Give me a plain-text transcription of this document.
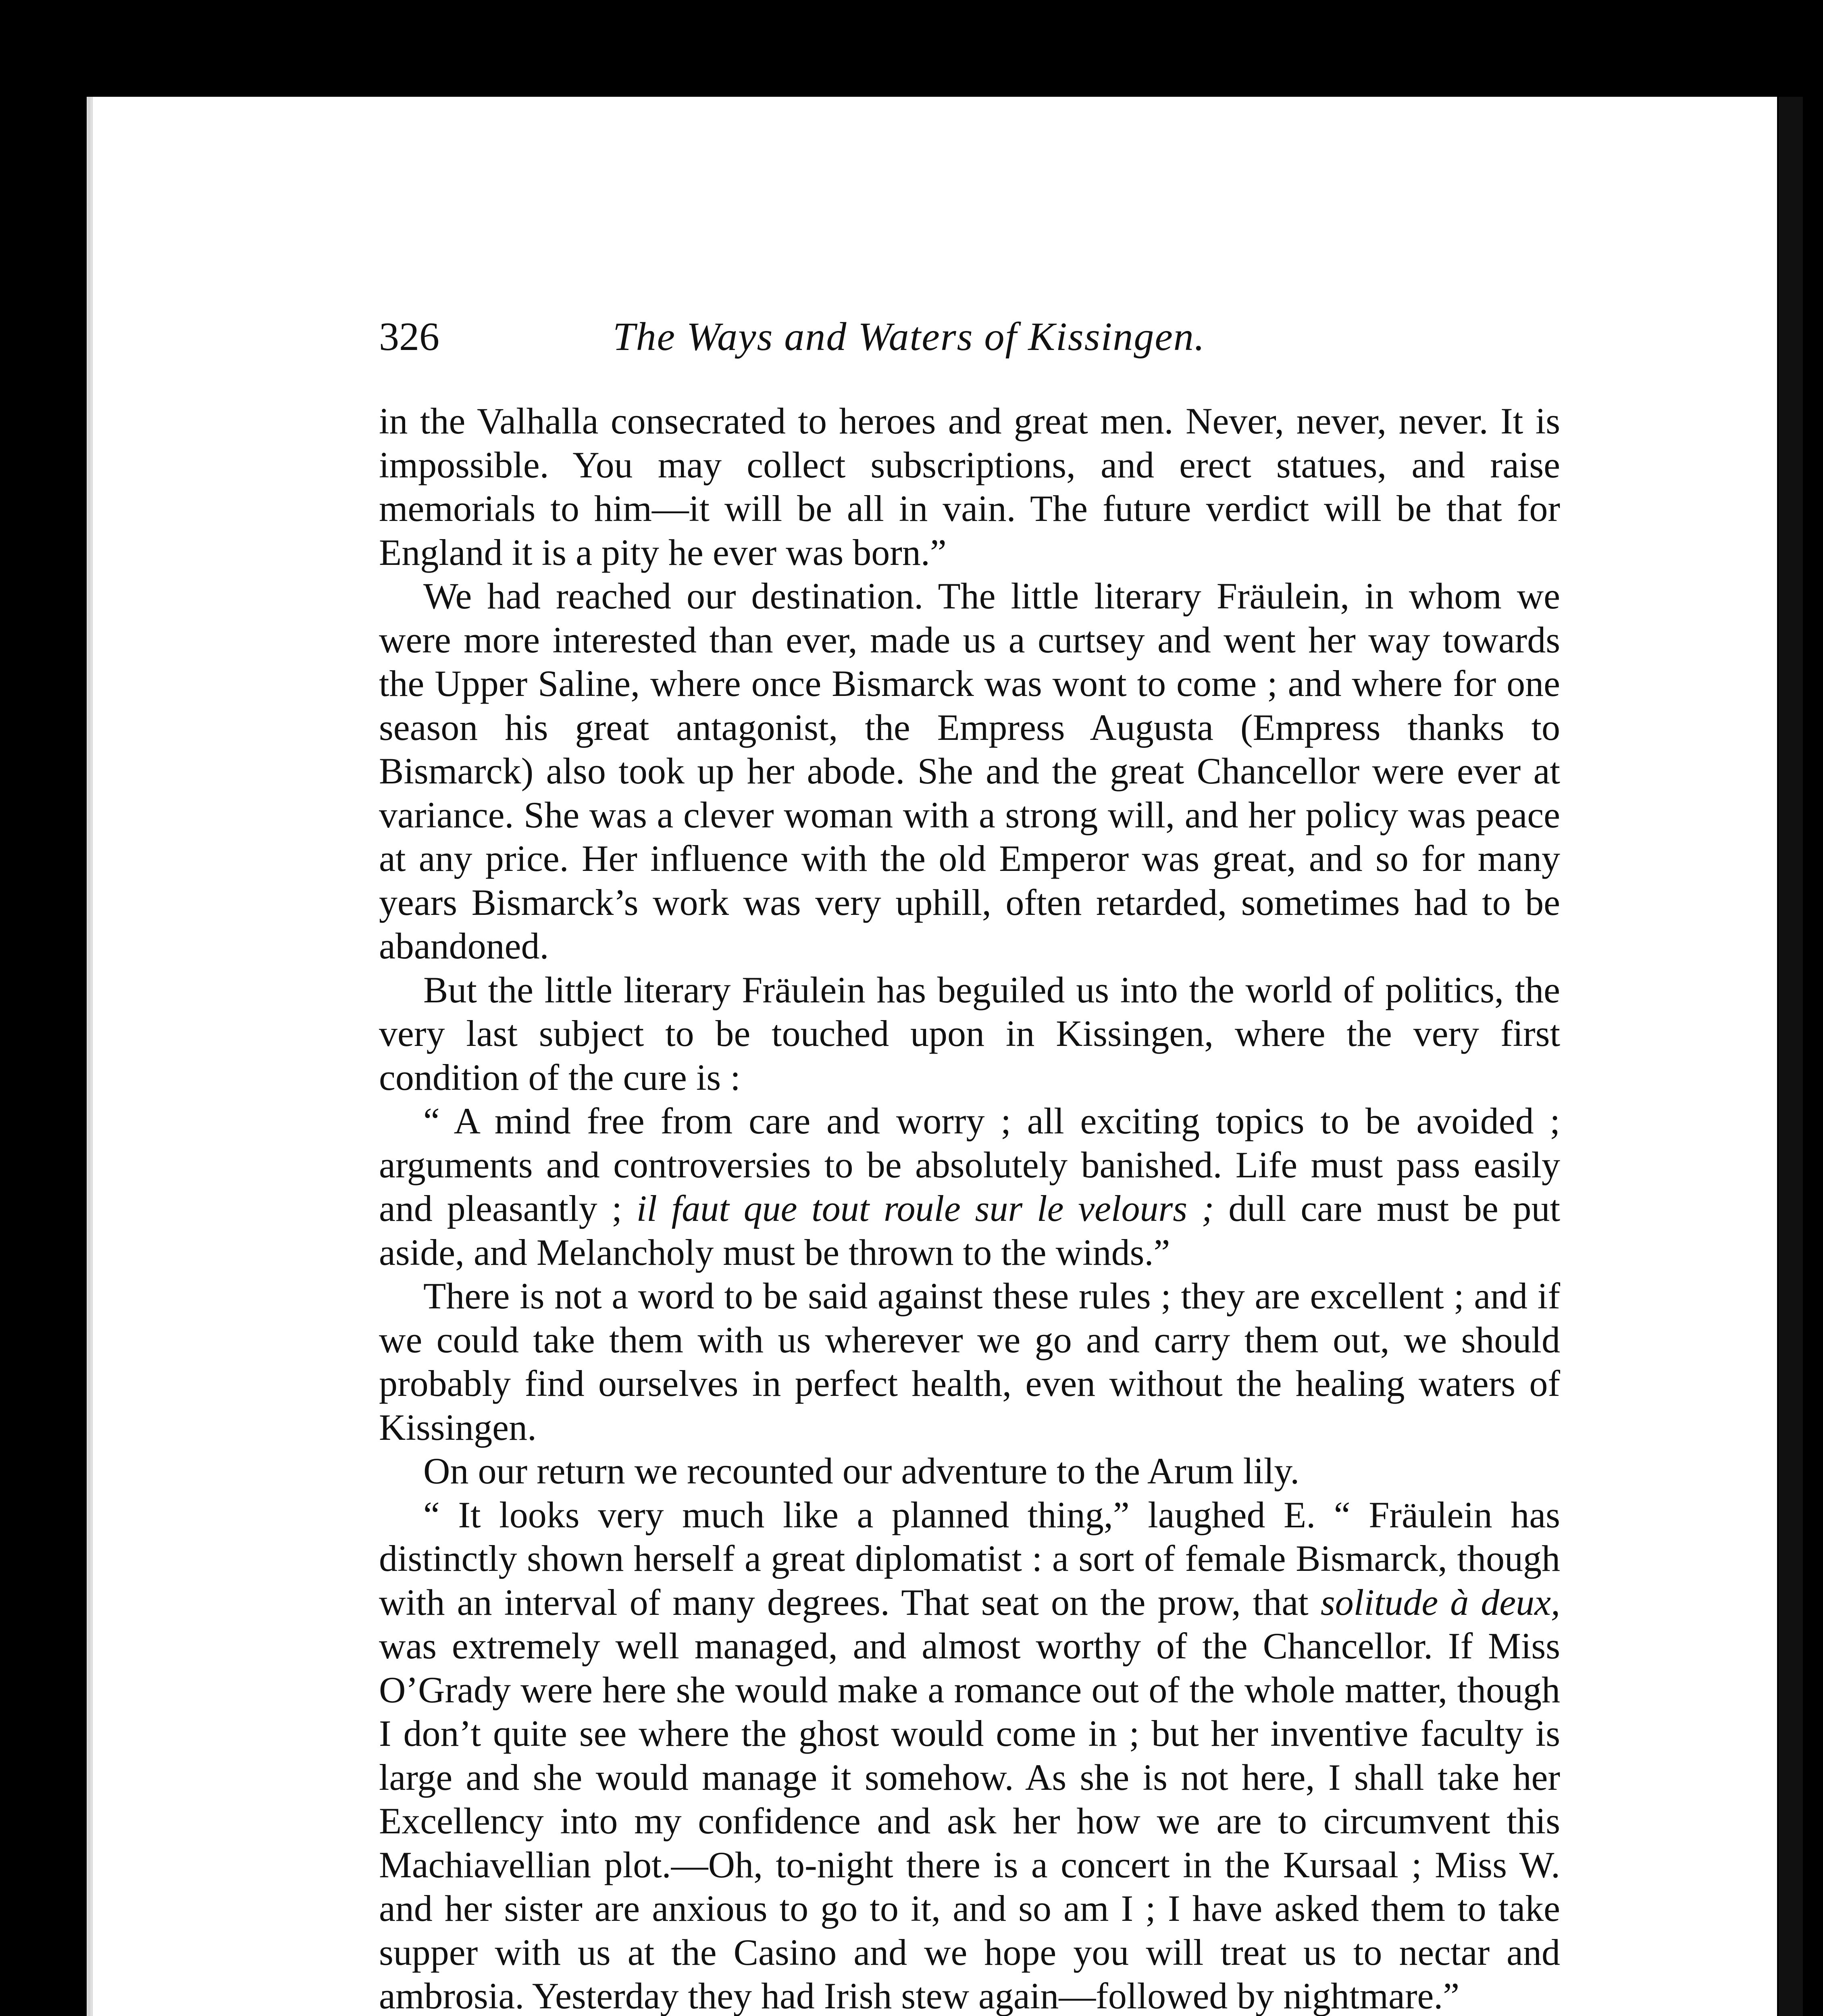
326	The Ways and Waters of Kissingen.

in the Valhalla consecrated to heroes and great men. Never, never, never. It is impossible. You may collect subscriptions, and erect statues, and raise memorials to him—it will be all in vain. The future verdict will be that for England it is a pity he ever was born.”

We had reached our destination. The little literary Fräulein, in whom we were more interested than ever, made us a curtsey and went her way towards the Upper Saline, where once Bismarck was wont to come ; and where for one season his great antagonist, the Empress Augusta (Empress thanks to Bismarck) also took up her abode. She and the great Chancellor were ever at variance. She was a clever woman with a strong will, and her policy was peace at any price. Her influence with the old Emperor was great, and so for many years Bismarck’s work was very uphill, often retarded, sometimes had to be abandoned.

But the little literary Fräulein has beguiled us into the world of politics, the very last subject to be touched upon in Kissingen, where the very first condition of the cure is :

“ A mind free from care and worry ; all exciting topics to be avoided ; arguments and controversies to be absolutely banished. Life must pass easily and pleasantly ; il faut que tout roule sur le velours ; dull care must be put aside, and Melancholy must be thrown to the winds.”

There is not a word to be said against these rules ; they are excellent ; and if we could take them with us wherever we go and carry them out, we should probably find ourselves in perfect health, even without the healing waters of Kissingen.

On our return we recounted our adventure to the Arum lily.

“ It looks very much like a planned thing,” laughed E. “ Fräulein has distinctly shown herself a great diplomatist : a sort of female Bismarck, though with an interval of many degrees. That seat on the prow, that solitude à deux, was extremely well managed, and almost worthy of the Chancellor. If Miss O’Grady were here she would make a romance out of the whole matter, though I don’t quite see where the ghost would come in ; but her inventive faculty is large and she would manage it somehow. As she is not here, I shall take her Excellency into my confidence and ask her how we are to circumvent this Machiavellian plot.—Oh, to-night there is a concert in the Kursaal ; Miss W. and her sister are anxious to go to it, and so am I ; I have asked them to take supper with us at the Casino and we hope you will treat us to nectar and ambrosia. Yesterday they had Irish stew again—followed by nightmare.”
